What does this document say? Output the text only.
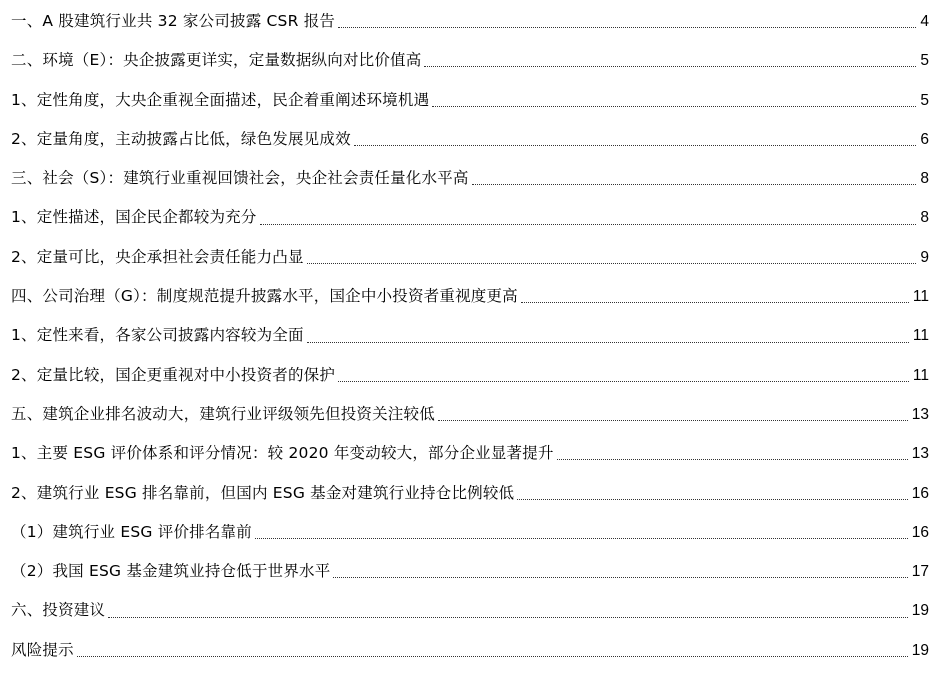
一、A 股建筑行业共 32 家公司披露 CSR 报告	4
二、环境（E）：央企披露更详实，定量数据纵向对比价值高	5
1、定性角度，大央企重视全面描述，民企着重阐述环境机遇	5
2、定量角度，主动披露占比低，绿色发展见成效	6
三、社会（S）：建筑行业重视回馈社会，央企社会责任量化水平高	8
1、定性描述，国企民企都较为充分	8
2、定量可比，央企承担社会责任能力凸显	9
四、公司治理（G）：制度规范提升披露水平，国企中小投资者重视度更高	11
1、定性来看，各家公司披露内容较为全面	11
2、定量比较，国企更重视对中小投资者的保护	11
五、建筑企业排名波动大，建筑行业评级领先但投资关注较低	13
1、主要 ESG 评价体系和评分情况：较 2020 年变动较大，部分企业显著提升	13
2、建筑行业 ESG 排名靠前，但国内 ESG 基金对建筑行业持仓比例较低	16
（1）建筑行业 ESG 评价排名靠前	16
（2）我国 ESG 基金建筑业持仓低于世界水平	17
六、投资建议	19
风险提示	19
